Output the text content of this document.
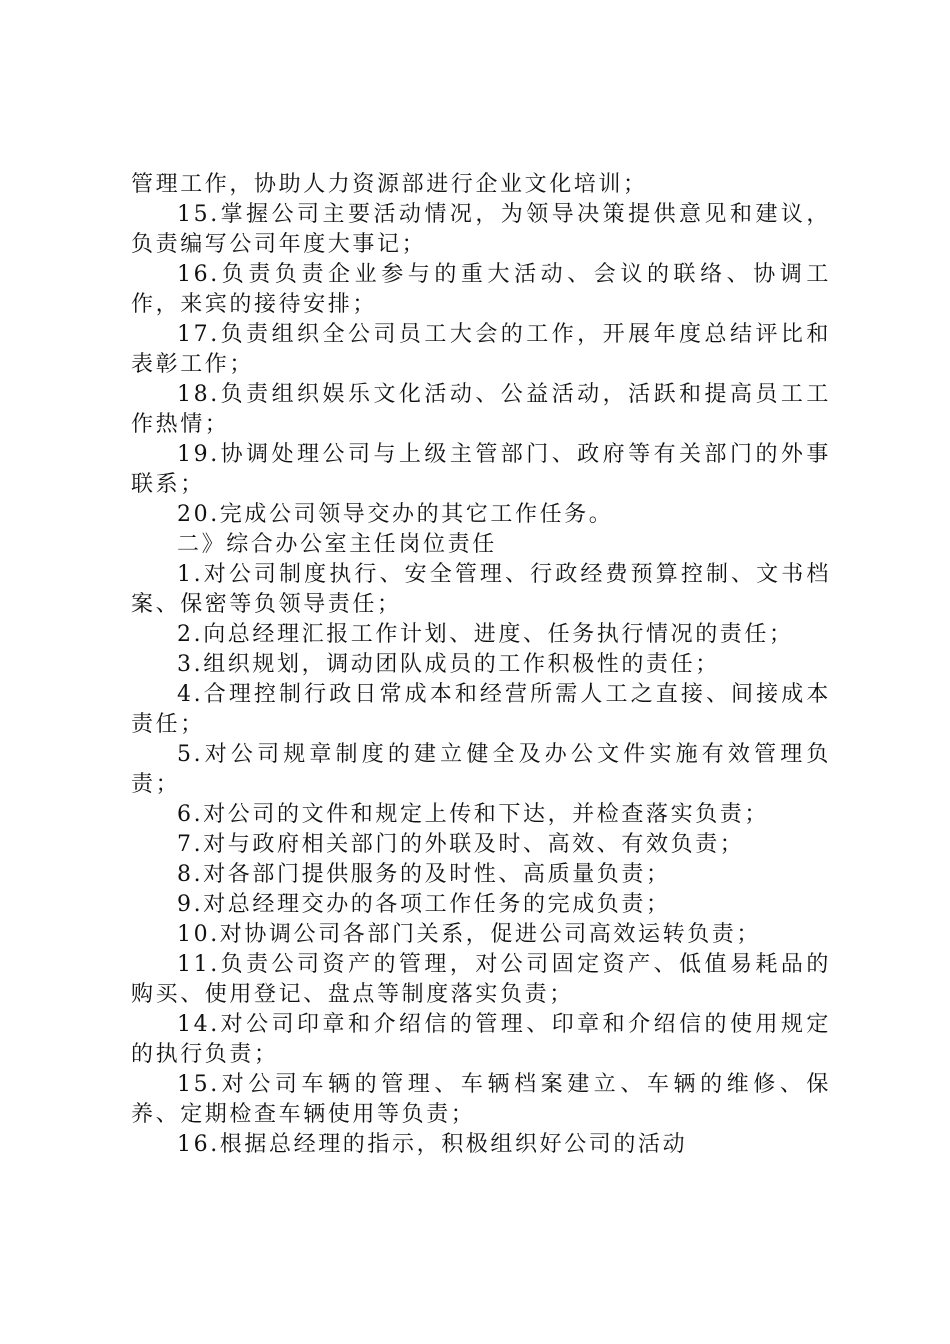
管理工作，协助人力资源部进行企业文化培训；

15.掌握公司主要活动情况，为领导决策提供意见和建议，负责编写公司年度大事记；

16.负责负责企业参与的重大活动、会议的联络、协调工作，来宾的接待安排；

17.负责组织全公司员工大会的工作，开展年度总结评比和表彰工作；

18.负责组织娱乐文化活动、公益活动，活跃和提高员工工作热情；

19.协调处理公司与上级主管部门、政府等有关部门的外事联系；

20.完成公司领导交办的其它工作任务。

二》综合办公室主任岗位责任

1.对公司制度执行、安全管理、行政经费预算控制、文书档案、保密等负领导责任；

2.向总经理汇报工作计划、进度、任务执行情况的责任；

3.组织规划，调动团队成员的工作积极性的责任；

4.合理控制行政日常成本和经营所需人工之直接、间接成本责任；

5.对公司规章制度的建立健全及办公文件实施有效管理负责；

6.对公司的文件和规定上传和下达，并检查落实负责；

7.对与政府相关部门的外联及时、高效、有效负责；

8.对各部门提供服务的及时性、高质量负责；

9.对总经理交办的各项工作任务的完成负责；

10.对协调公司各部门关系，促进公司高效运转负责；

11.负责公司资产的管理，对公司固定资产、低值易耗品的购买、使用登记、盘点等制度落实负责；

14.对公司印章和介绍信的管理、印章和介绍信的使用规定的执行负责；

15.对公司车辆的管理、车辆档案建立、车辆的维修、保养、定期检查车辆使用等负责；

16.根据总经理的指示，积极组织好公司的活动
